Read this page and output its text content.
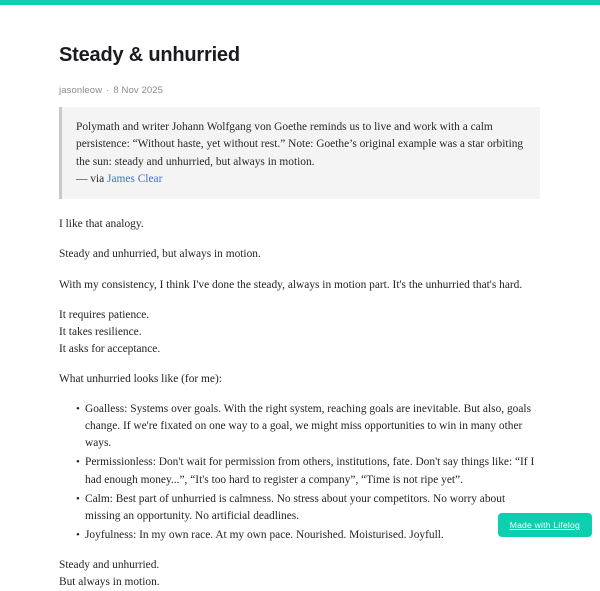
Steady & unhurried
jasonleow · 8 Nov 2025

Polymath and writer Johann Wolfgang von Goethe reminds us to live and work with a calm persistence: “Without haste, yet without rest.” Note: Goethe’s original example was a star orbiting the sun: steady and unhurried, but always in motion.

— via James Clear

I like that analogy.

Steady and unhurried, but always in motion.

With my consistency, I think I've done the steady, always in motion part. It's the unhurried that's hard.

It requires patience.

It takes resilience.

It asks for acceptance.

What unhurried looks like (for me):

• Goalless: Systems over goals. With the right system, reaching goals are inevitable. But also, goals change. If we're fixated on one way to a goal, we might miss opportunities to win in many other ways.
• Permissionless: Don't wait for permission from others, institutions, fate. Don't say things like: “If I had enough money...”, “It's too hard to register a company”, “Time is not ripe yet”.
• Calm: Best part of unhurried is calmness. No stress about your competitors. No worry about missing an opportunity. No artificial deadlines.
• Joyfulness: In my own race. At my own pace. Nourished. Moisturised. Joyfull.

Steady and unhurried.

But always in motion.

Made with Lifelog
